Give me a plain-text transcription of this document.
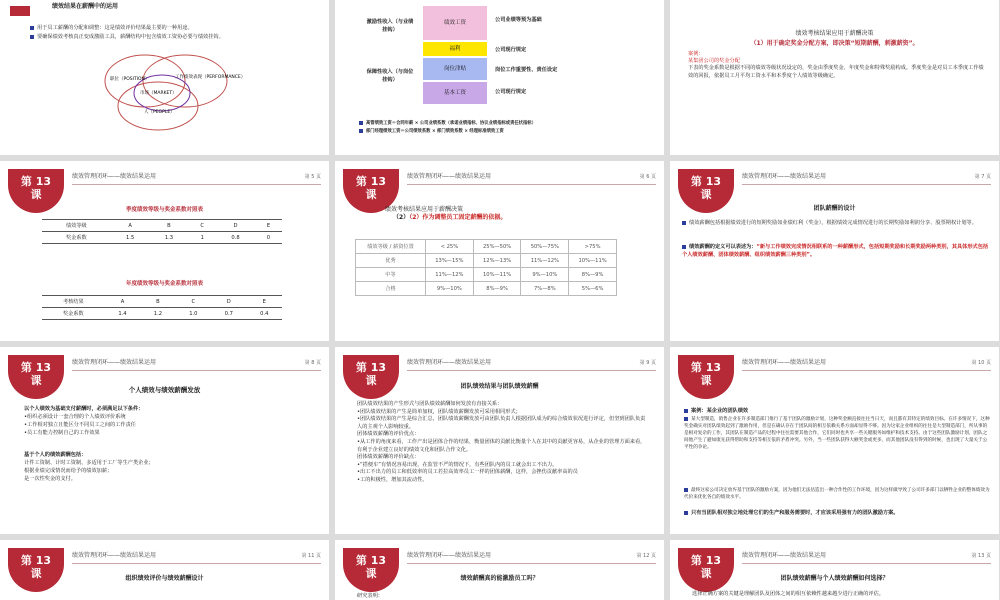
绩效结果在薪酬中的运用
用于员工薪酬的分配和调整：这是绩效评价结果最主要的一种用途。
要确保绩效考核真正变成激励工具，薪酬结构中包含绩效工资协必要与绩效挂钩。
职位（POSITION）	工作绩效表现（PERFORMANCE）
市场（MARKET）
人（PEOPLE）
激励性收入（与业绩挂钩）
保障性收入（与岗位挂钩）
绩效工资
福利
岗位津贴
基本工资
公司业绩等预为基础
公司现行规定
岗位工作重要性、责任设定
公司现行规定
高管绩效工资＝合同年薪 × 公司业绩系数（承诺业绩指标、协议业绩指标或责任状指标）
部门经理绩效工资＝公司绩效系数 × 部门绩效系数 × 经理标准绩效工资
绩效考核结果应用于薪酬决策
（1）用于确定奖金分配方案，即决策“短期薪酬，刺激薪资”。
案例：
某集团公司的奖金分配
下表的奖金系数是根据不同的绩效等级状况设定的，奖金由季度奖金、年度奖金和特殊奖励构成。季度奖金是对员工本季度工作绩效的回报，依据员工月平均工资水平和本季度个人绩效等级确定。
第 13
课
绩效管理闭环——绩效结果运用	第 5 页
季度绩效等级与奖金系数对照表
绩效等级	A	B	C	D	E
奖金系数	1.5	1.3	1	0.8	0
年度绩效等级与奖金系数对照表
考核结果	A	B	C	D	E
奖金系数	1.4	1.2	1.0	0.7	0.4
第 13
课
绩效管理闭环——绩效结果运用	第 6 页
绩效考核结果应用于薪酬决策
（2）（2）作为调整员工固定薪酬的依据。
绩效等级 / 薪资位置	< 25%	25%—50%	50%—75%	>75%
优秀	13%—15%	12%—13%	11%—12%	10%—11%
中等	11%—12%	10%—11%	9%—10%	8%—9%
合格	9%—10%	8%—9%	7%—8%	5%—6%
第 13
课
绩效管理闭环——绩效结果运用	第 7 页
团队薪酬的设计
绩效薪酬包括根据绩效进行的短期奖励如业绩红利（奖金），根据绩效完成情况进行的长期奖励如利润分享、股票期权计划等。
绩效薪酬的定义可以表述为：“新与工作绩效完成情况相联系的一种薪酬形式，包括短期奖励和长期奖励两种类别，其具体形式包括个人绩效薪酬、团体绩效薪酬、组织绩效薪酬三种类别”。
第 13
课
绩效管理闭环——绩效结果运用	第 8 页
个人绩效与绩效薪酬发放
以个人绩效为基础支付薪酬时，必须满足以下条件：
•组织必须设计一套合理的个人绩效评价系统
•工作相对独立且能区分不同员工之间的工作责任
•员工有能力控制自己的工作效果
基于个人的绩效薪酬包括：
计件工资制、计时工资制、多适用于工厂等生产类企业；
根据业绩完成情况而给予的绩效加薪；
是一次性奖金的支付。
第 13
课
绩效管理闭环——绩效结果运用	第 9 页
团队绩效结果与团队绩效薪酬
团队绩效结果的产生形式与团队绩效薪酬如何发放有直接关系：
•团队绩效结果的产生是简单加权，团队绩效薪酬发放可采用相同形式；
•团队绩效结果的产生是综合汇总，团队绩效薪酬发放可由团队负责人根据团队成为的综合绩效状况进行评定，但坚到团队负责人的主观个人影响较重。
团体绩效薪酬的评价优点：
•从工作的角度来看，工作产出是团体合作的结果，衡量团体的贡献比衡量个人在其中的贡献更容易，从企业的管理方面来看，有利于企业建立良好的绩效文化和团队合作文化。
团体绩效薪酬的评价缺点：
•“搭便车”有情况容易出现，在监管不严的情况下，有些团队内的员工就会出工不出力。
•出工不出力的员工和低效率的员工若拉高效率员工一样的团体薪酬，这样，会挫伤贡献率高的员
•工的积极性，增加其流动性。
第 13
课
绩效管理闭环——绩效结果运用	第 10 页
案例：某企业的团队绩效
某大型制造，销售企业在许多制造部门推行了基于团队的激励计划，这种奖金额直接往往当日天，而且都有其特定的绩效目标。在许多情况下，这种奖金确实对团队绩效起到了激励作用，但是在确认存在于团队间的相互依赖关系方面却显得不够。因为这家企业组织的往往是大型制造部门，所从事的是相对复杂的工作，其团队在制造产品的过程中往往需要其他合作，它们同时也共享一些关键服务如维护和技术支持。由于这些团队激励计划，团队之间他产生了避如康先获得帮助和支持等相互依的矛盾冲突。另外，当一些团队获得大额奖金或更多，而其他团队没有得到的时候，也出现了大量关于公平性的争论。
最终这家公司决定放弃基于团队的激励方案，因为他们无法估造出一种合作性的工作环境，因为这样做导致了公司许多部门以牺牲企业的整体绩效为代价来优化各自的绩效水平。
只有当团队相对独立地处理它们的生产和服务需要时，才应该采用强有力的团队激励方案。
第 13
课
绩效管理闭环——绩效结果运用	第 11 页
组织绩效评价与绩效薪酬设计
第 13
课
绩效管理闭环——绩效结果运用	第 12 页
绩效薪酬真的能激励员工吗？
研究表明：
第 13
课
绩效管理闭环——绩效结果运用	第 13 页
团队绩效薪酬与个人绩效薪酬如何选择？
选择正确方案的关键是理解团队及团体之间的相互依赖性越来越少进行正确的评估。
